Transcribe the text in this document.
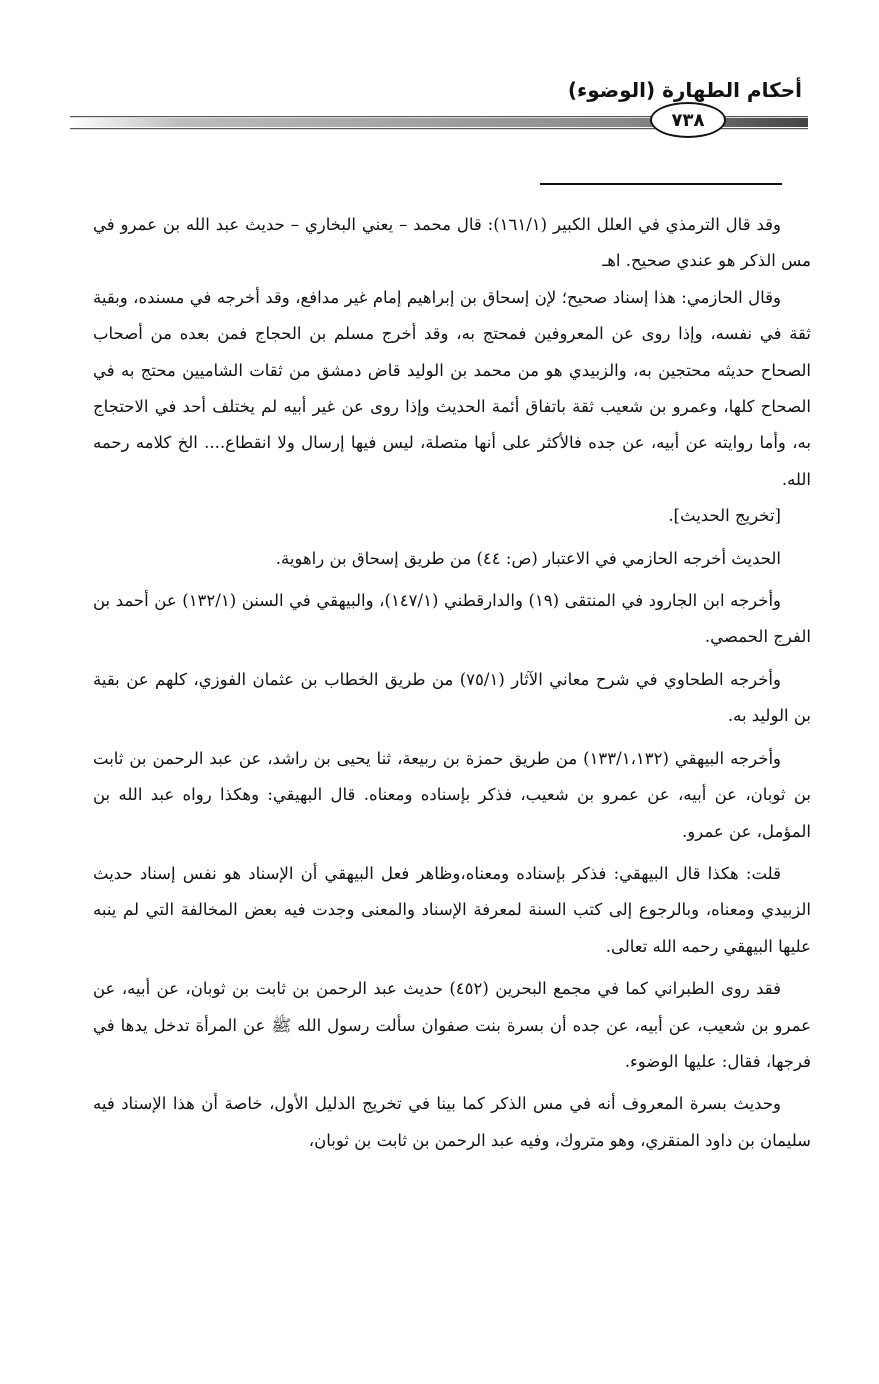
أحكام الطهارة (الوضوء)
٧٣٨

وقد قال الترمذي في العلل الكبير (١٦١/١): قال محمد – يعني البخاري – حديث عبد الله بن عمرو في مس الذكر هو عندي صحيح. اهـ

وقال الحازمي: هذا إسناد صحيح؛ لإن إسحاق بن إبراهيم إمام غير مدافع، وقد أخرجه في مسنده، وبقية ثقة في نفسه، وإذا روى عن المعروفين فمحتج به، وقد أخرج مسلم بن الحجاج فمن بعده من أصحاب الصحاح حديثه محتجين به، والزبيدي هو من محمد بن الوليد قاض دمشق من ثقات الشاميين محتج به في الصحاح كلها، وعمرو بن شعيب ثقة باتفاق أئمة الحديث وإذا روى عن غير أبيه لم يختلف أحد في الاحتجاج به، وأما روايته عن أبيه، عن جده فالأكثر على أنها متصلة، ليس فيها إرسال ولا انقطاع.... الخ كلامه رحمه الله.

[تخريج الحديث].

الحديث أخرجه الحازمي في الاعتبار (ص: ٤٤) من طريق إسحاق بن راهوية.

وأخرجه ابن الجارود في المنتقى (١٩) والدارقطني (١٤٧/١)، والبيهقي في السنن (١٣٢/١) عن أحمد بن الفرج الحمصي.

وأخرجه الطحاوي في شرح معاني الآثار (٧٥/١) من طريق الخطاب بن عثمان الفوزي، كلهم عن بقية بن الوليد به.

وأخرجه البيهقي (١٣٣/١،١٣٢) من طريق حمزة بن ربيعة، ثنا يحيى بن راشد، عن عبد الرحمن بن ثابت بن ثوبان، عن أبيه، عن عمرو بن شعيب، فذكر بإسناده ومعناه. قال البهيقي: وهكذا رواه عبد الله بن المؤمل، عن عمرو.

قلت: هكذا قال البيهقي: فذكر بإسناده ومعناه،وظاهر فعل البيهقي أن الإسناد هو نفس إسناد حديث الزبيدي ومعناه، وبالرجوع إلى كتب السنة لمعرفة الإسناد والمعنى وجدت فيه بعض المخالفة التي لم ينبه عليها البيهقي رحمه الله تعالى.

فقد روى الطبراني كما في مجمع البحرين (٤٥٢) حديث عبد الرحمن بن ثابت بن ثوبان، عن أبيه، عن عمرو بن شعيب، عن أبيه، عن جده أن بسرة بنت صفوان سألت رسول الله ﷺ عن المرأة تدخل يدها في فرجها، فقال: عليها الوضوء.

وحديث بسرة المعروف أنه في مس الذكر كما بينا في تخريج الدليل الأول، خاصة أن هذا الإسناد فيه سليمان بن داود المنقري، وهو متروك، وفيه عبد الرحمن بن ثابت بن ثوبان،
